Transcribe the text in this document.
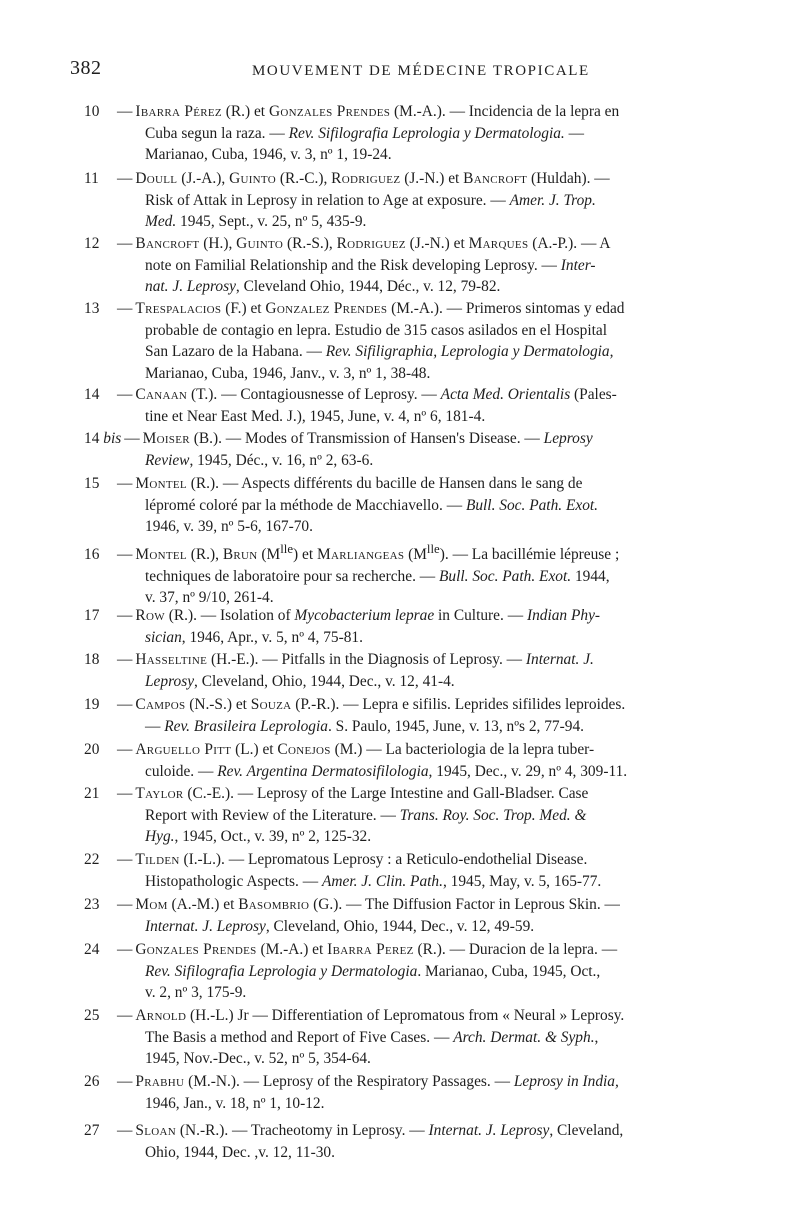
382	MOUVEMENT DE MÉDECINE TROPICALE

10 — Ibarra Pérez (R.) et Gonzales Prendes (M.-A.). — Incidencia de la lepra en
Cuba segun la raza. — Rev. Sifilografia Leprologia y Dermatologia. —
Marianao, Cuba, 1946, v. 3, nº 1, 19-24.

11 — Doull (J.-A.), Guinto (R.-C.), Rodriguez (J.-N.) et Bancroft (Huldah). —
Risk of Attak in Leprosy in relation to Age at exposure. — Amer. J. Trop.
Med. 1945, Sept., v. 25, nº 5, 435-9.

12 — Bancroft (H.), Guinto (R.-S.), Rodriguez (J.-N.) et Marques (A.-P.). — A
note on Familial Relationship and the Risk developing Leprosy. — Inter-
nat. J. Leprosy, Cleveland Ohio, 1944, Déc., v. 12, 79-82.

13 — Trespalacios (F.) et Gonzalez Prendes (M.-A.). — Primeros sintomas y edad
probable de contagio en lepra. Estudio de 315 casos asilados en el Hospital
San Lazaro de la Habana. — Rev. Sifiligraphia, Leprologia y Dermatologia,
Marianao, Cuba, 1946, Janv., v. 3, nº 1, 38-48.

14 — Canaan (T.). — Contagiousnesse of Leprosy. — Acta Med. Orientalis (Pales-
tine et Near East Med. J.), 1945, June, v. 4, nº 6, 181-4.

14 bis — Moiser (B.). — Modes of Transmission of Hansen's Disease. — Leprosy
Review, 1945, Déc., v. 16, nº 2, 63-6.

15 — Montel (R.). — Aspects différents du bacille de Hansen dans le sang de
lépromé coloré par la méthode de Macchiavello. — Bull. Soc. Path. Exot.
1946, v. 39, nº 5-6, 167-70.

16 — Montel (R.), Brun $(M^{lle})$ et Marliangeas $(M^{lle})$. — La bacillémie lépreuse ;
techniques de laboratoire pour sa recherche. — Bull. Soc. Path. Exot. 1944,
v. 37, nº 9/10, 261-4.

17 — Row (R.). — Isolation of Mycobacterium leprae in Culture. — Indian Phy-
sician, 1946, Apr., v. 5, nº 4, 75-81.

18 — Hasseltine (H.-E.). — Pitfalls in the Diagnosis of Leprosy. — Internat. J.
Leprosy, Cleveland, Ohio, 1944, Dec., v. 12, 41-4.

19 — Campos (N.-S.) et Souza (P.-R.). — Lepra e sifilis. Leprides sifilides leproides.
— Rev. Brasileira Leprologia. S. Paulo, 1945, June, v. 13, nºs 2, 77-94.

20 — Arguello Pitt (L.) et Conejos (M.) — La bacteriologia de la lepra tuber-
culoide. — Rev. Argentina Dermatosifilologia, 1945, Dec., v. 29, nº 4, 309-11.

21 — Taylor (C.-E.). — Leprosy of the Large Intestine and Gall-Bladser. Case
Report with Review of the Literature. — Trans. Roy. Soc. Trop. Med. &
Hyg., 1945, Oct., v. 39, nº 2, 125-32.

22 — Tilden (I.-L.). — Lepromatous Leprosy : a Reticulo-endothelial Disease.
Histopathologic Aspects. — Amer. J. Clin. Path., 1945, May, v. 5, 165-77.

23 — Mom (A.-M.) et Basombrio (G.). — The Diffusion Factor in Leprous Skin. —
Internat. J. Leprosy, Cleveland, Ohio, 1944, Dec., v. 12, 49-59.

24 — Gonzales Prendes (M.-A.) et Ibarra Perez (R.). — Duracion de la lepra. —
Rev. Sifilografia Leprologia y Dermatologia. Marianao, Cuba, 1945, Oct.,
v. 2, nº 3, 175-9.

25 — Arnold (H.-L.) Jr — Differentiation of Lepromatous from « Neural » Leprosy.
The Basis a method and Report of Five Cases. — Arch. Dermat. & Syph.,
1945, Nov.-Dec., v. 52, nº 5, 354-64.

26 — Prabhu (M.-N.). — Leprosy of the Respiratory Passages. — Leprosy in India,
1946, Jan., v. 18, nº 1, 10-12.

27 — Sloan (N.-R.). — Tracheotomy in Leprosy. — Internat. J. Leprosy, Cleveland,
Ohio, 1944, Dec. ,v. 12, 11-30.
